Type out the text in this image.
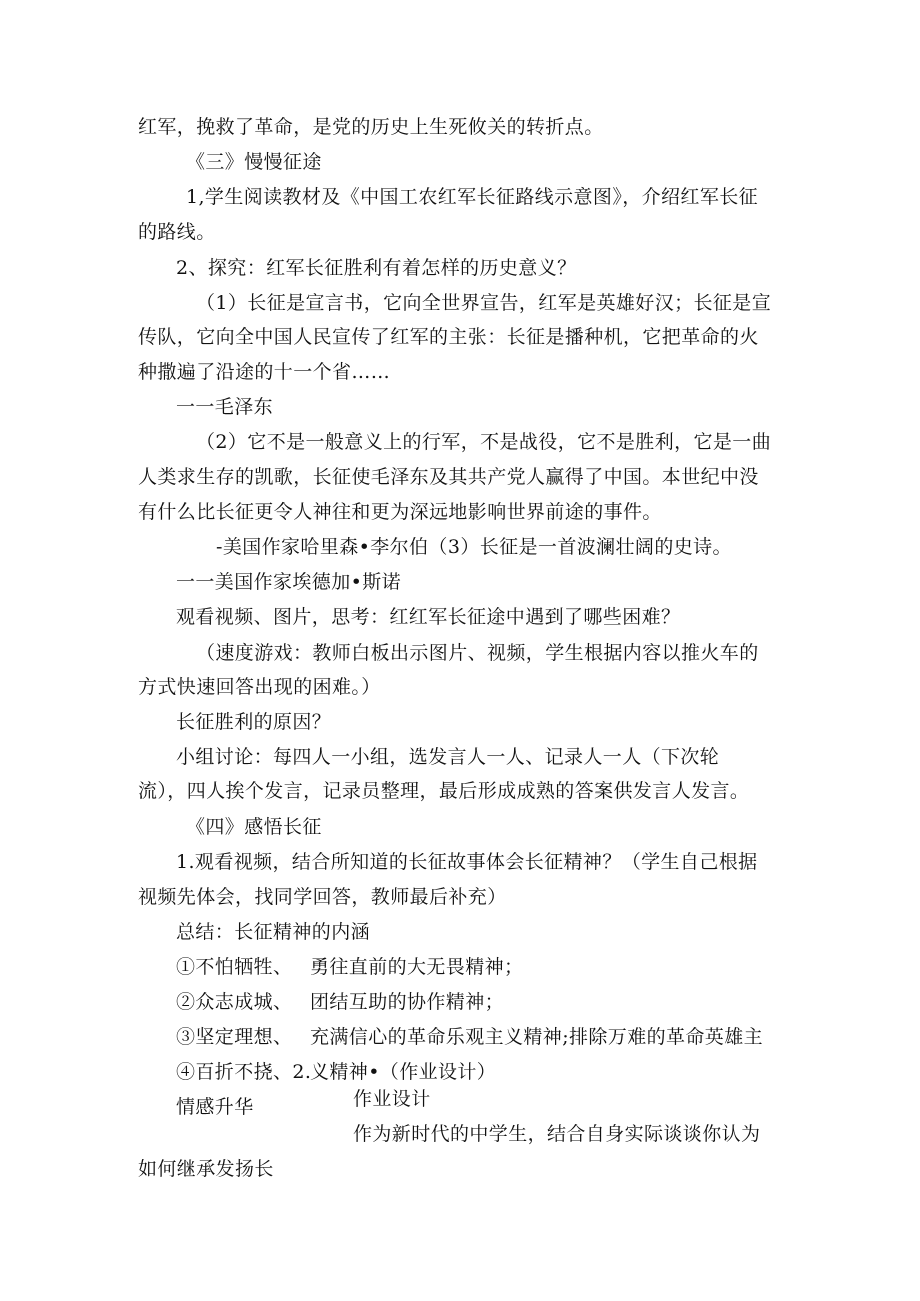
红军，挽救了革命，是党的历史上生死攸关的转折点。
《三》慢慢征途
1,学生阅读教材及《中国工农红军长征路线示意图》，介绍红军长征
的路线。
2、探究：红军长征胜利有着怎样的历史意义？
（1）长征是宣言书，它向全世界宣告，红军是英雄好汉；长征是宣
传队，它向全中国人民宣传了红军的主张：长征是播种机，它把革命的火
种撒遍了沿途的十一个省……
一一毛泽东
（2）它不是一般意义上的行军，不是战役，它不是胜利，它是一曲
人类求生存的凯歌，长征使毛泽东及其共产党人赢得了中国。本世纪中没
有什么比长征更令人神往和更为深远地影响世界前途的事件。
-美国作家哈里森•李尔伯（3）长征是一首波澜壮阔的史诗。
一一美国作家埃德加•斯诺
观看视频、图片，思考：红红军长征途中遇到了哪些困难？
（速度游戏：教师白板出示图片、视频，学生根据内容以推火车的
方式快速回答出现的困难。）
长征胜利的原因？
小组讨论：每四人一小组，选发言人一人、记录人一人（下次轮
流），四人挨个发言，记录员整理，最后形成成熟的答案供发言人发言。
《四》感悟长征
1.观看视频，结合所知道的长征故事体会长征精神？（学生自己根据
视频先体会，找同学回答，教师最后补充）
总结：长征精神的内涵
①不怕牺牲、 勇往直前的大无畏精神；
②众志成城、 团结互助的协作精神；
③坚定理想、 充满信心的革命乐观主义精神;排除万难的革命英雄主
④百折不挠、2.
义精神•（作业设计）
情感升华	作业设计
作为新时代的中学生，结合自身实际谈谈你认为
如何继承发扬长
